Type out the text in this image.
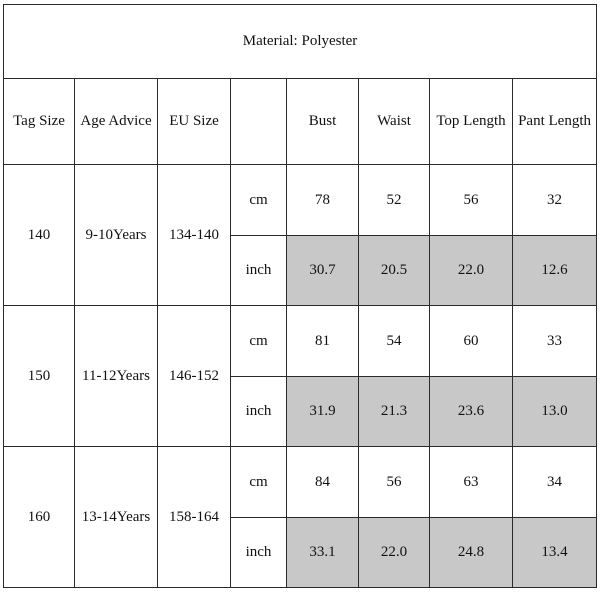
Material: Polyester							
Tag Size	Age Advice	EU Size		Bust	Waist	Top Length	Pant Length
140	9-10Years	134-140	cm	78	52	56	32
			inch	30.7	20.5	22.0	12.6
150	11-12Years	146-152	cm	81	54	60	33
			inch	31.9	21.3	23.6	13.0
160	13-14Years	158-164	cm	84	56	63	34
			inch	33.1	22.0	24.8	13.4
